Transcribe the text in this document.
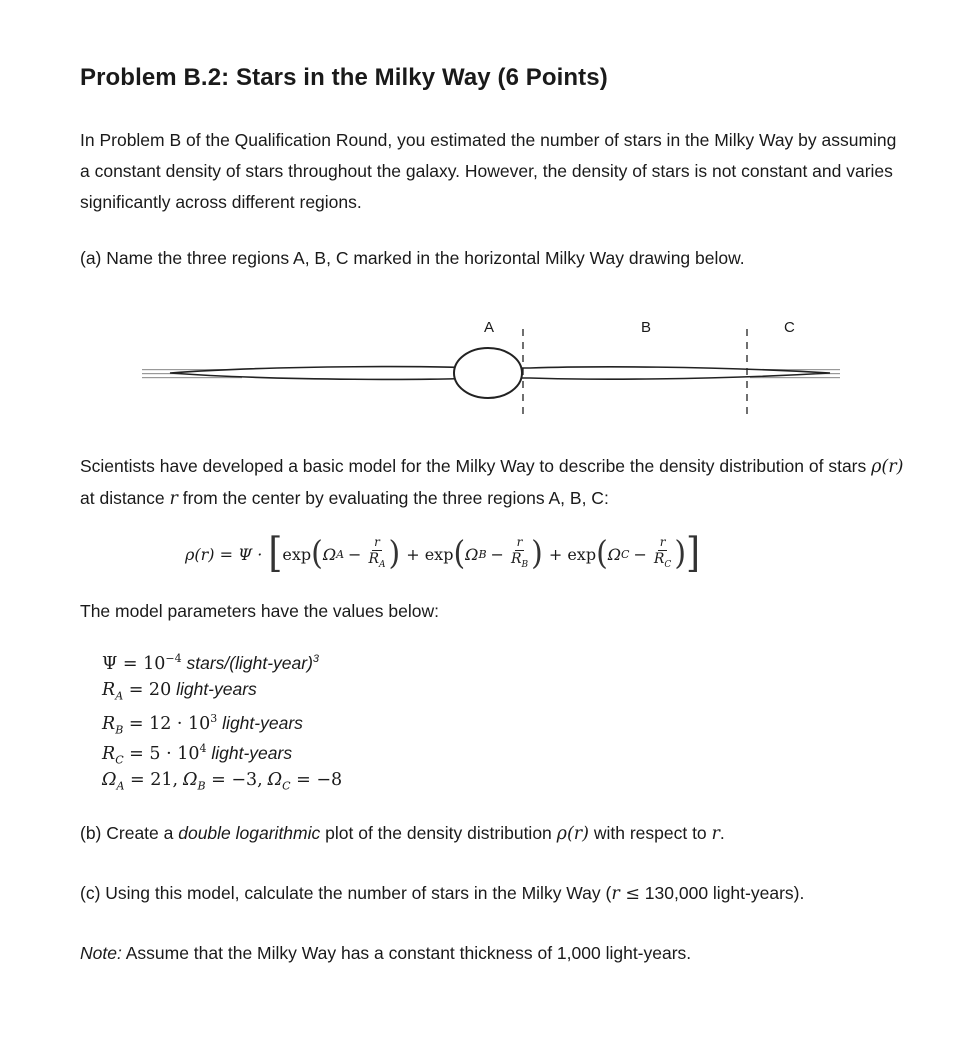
Problem B.2: Stars in the Milky Way (6 Points)
In Problem B of the Qualification Round, you estimated the number of stars in the Milky Way by assuming a constant density of stars throughout the galaxy. However, the density of stars is not constant and varies significantly across different regions.
(a) Name the three regions A, B, C marked in the horizontal Milky Way drawing below.
A	B	C
Scientists have developed a basic model for the Milky Way to describe the density distribution of stars ρ(r) at distance r from the center by evaluating the three regions A, B, C:
ρ(r) = Ψ · [ exp ( Ω $A - \frac{r}{R_A}$ ) + exp ( Ω $B - \frac{r}{R_B}$ ) + exp ( Ω $C - \frac{r}{R_C}$ ) ]
The model parameters have the values below:
$\Psi = 10^{-4}$ stars/(light-year)$^3$
$R_A = 20$ light-years
$R_B = 12 \cdot 10^3$ light-years
$R_C = 5 \cdot 10^4$ light-years
$\Omega_A = 21$, $\Omega_B = -3$, $\Omega_C = -8$
(b) Create a double logarithmic plot of the density distribution ρ(r) with respect to r.
(c) Using this model, calculate the number of stars in the Milky Way (r ≤ 130,000 light-years).
Note: Assume that the Milky Way has a constant thickness of 1,000 light-years.
